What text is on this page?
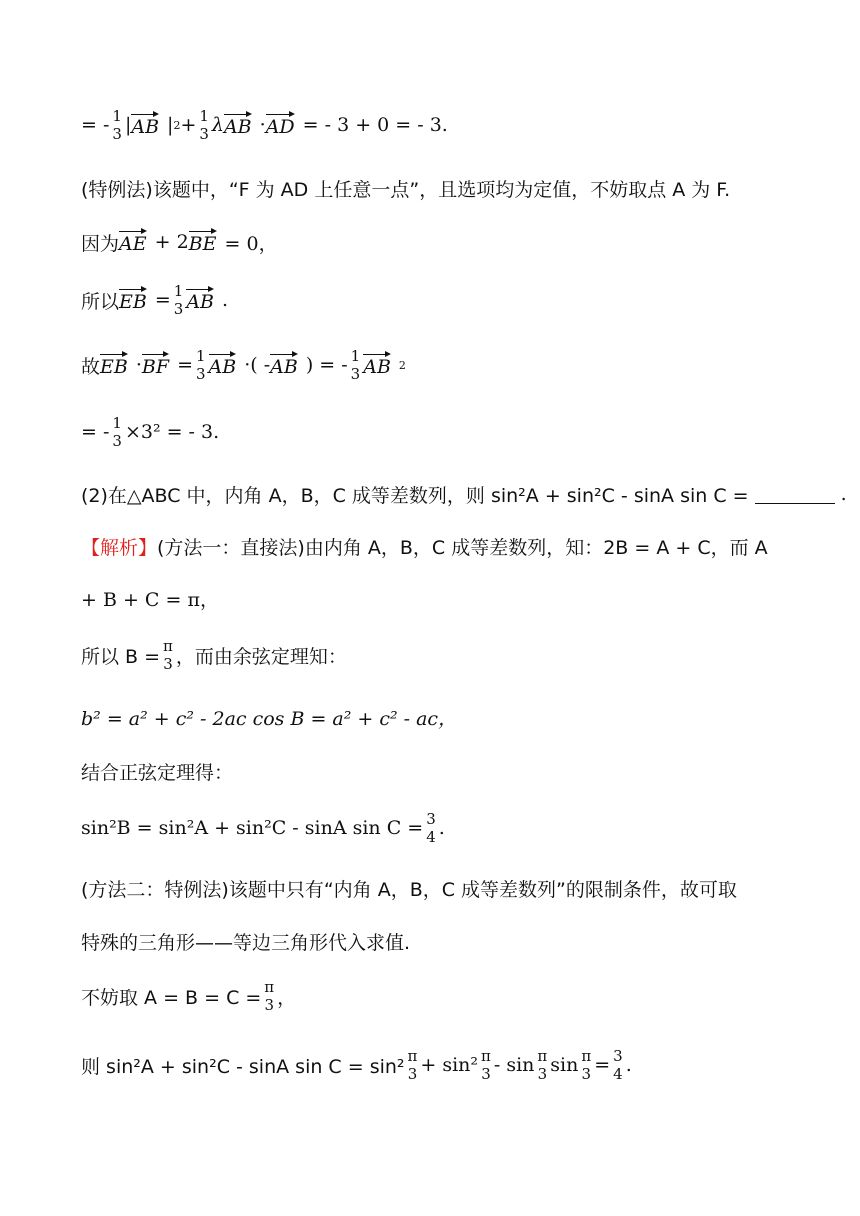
= - 1
3 | AB | 2 + 1
3 λ AB · AD = - 3 + 0 = - 3.
(特例法)该题中，“F 为 AD 上任意一点”，且选项均为定值，不妨取点 A 为 F.
因为 AE + 2 BE = 0，
所以 EB = 1
3 AB .
故 EB · BF = 1
3 AB ·( - AB ) = - 1
3 AB 2
= - 1
3 ×3² = - 3.
(2)在△ABC 中，内角 A，B，C 成等差数列，则 sin²A + sin²C - sinA sin C =	.
【解析】 (方法一：直接法)由内角 A，B，C 成等差数列，知：2B = A + C，而 A
+ B + C = π，
所以 B = π
3 ，而由余弦定理知：
b² = a² + c² - 2ac cos B = a² + c² - ac，
结合正弦定理得：
sin²B = sin²A + sin²C - sinA sin C = 3
4 .
(方法二：特例法)该题中只有“内角 A，B，C 成等差数列”的限制条件，故可取
特殊的三角形——等边三角形代入求值.
不妨取 A = B = C = π
3 ，
则 sin²A + sin²C - sinA sin C = sin² π
3 + sin² π
3 - sin π
3 sin π
3 = 3
4 .
